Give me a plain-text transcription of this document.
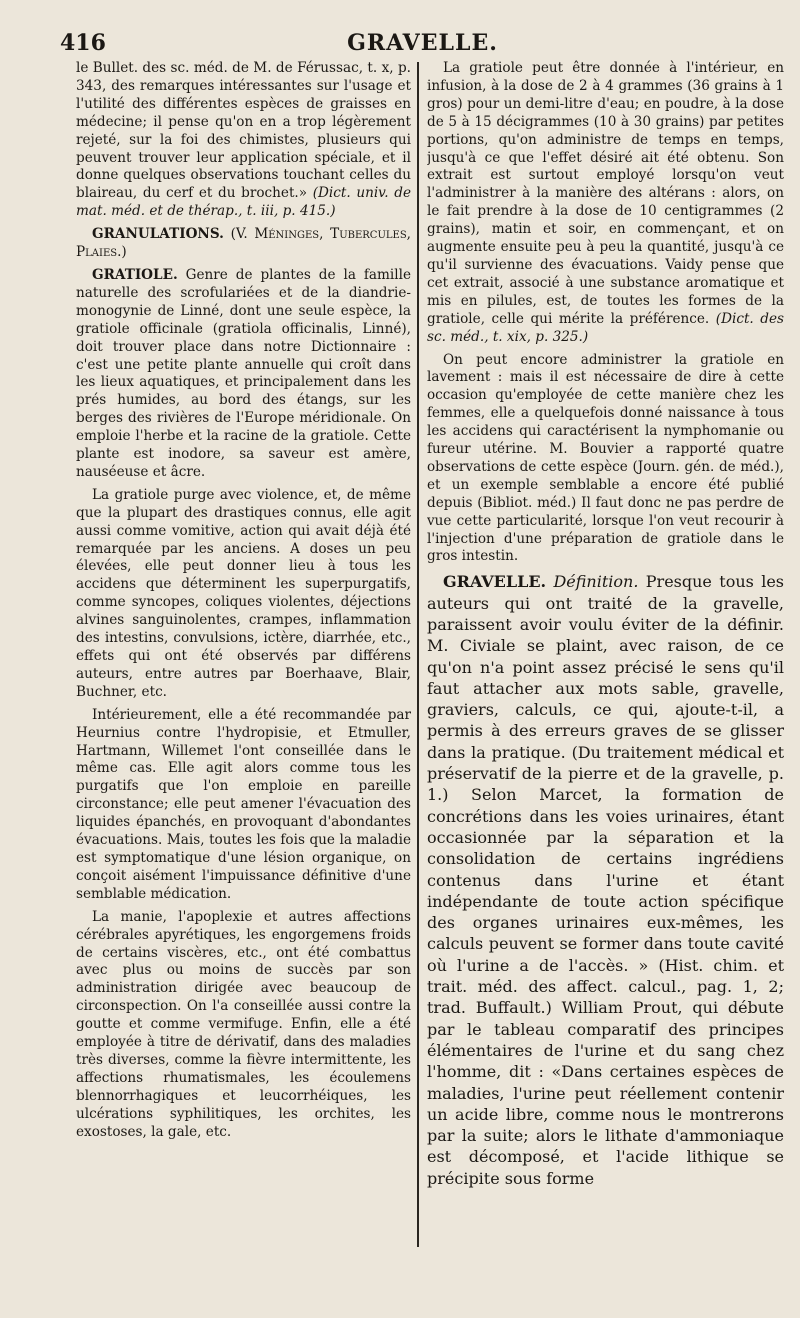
416	GRAVELLE.

le Bullet. des sc. méd. de M. de Férussac, t. x, p. 343, des remarques intéressantes sur l'usage et l'utilité des différentes espèces de graisses en médecine; il pense qu'on en a trop légèrement rejeté, sur la foi des chimistes, plusieurs qui peuvent trouver leur application spéciale, et il donne quelques observations touchant celles du blaireau, du cerf et du brochet.» (Dict. univ. de mat. méd. et de thérap., t. iii, p. 415.)

GRANULATIONS. (V. Méninges, Tubercules, Plaies.)

GRATIOLE. Genre de plantes de la famille naturelle des scrofulariées et de la diandrie-monogynie de Linné, dont une seule espèce, la gratiole officinale (gratiola officinalis, Linné), doit trouver place dans notre Dictionnaire : c'est une petite plante annuelle qui croît dans les lieux aquatiques, et principalement dans les prés humides, au bord des étangs, sur les berges des rivières de l'Europe méridionale. On emploie l'herbe et la racine de la gratiole. Cette plante est inodore, sa saveur est amère, nauséeuse et âcre.

La gratiole purge avec violence, et, de même que la plupart des drastiques connus, elle agit aussi comme vomitive, action qui avait déjà été remarquée par les anciens. A doses un peu élevées, elle peut donner lieu à tous les accidens que déterminent les superpurgatifs, comme syncopes, coliques violentes, déjections alvines sanguinolentes, crampes, inflammation des intestins, convulsions, ictère, diarrhée, etc., effets qui ont été observés par différens auteurs, entre autres par Boerhaave, Blair, Buchner, etc.

Intérieurement, elle a été recommandée par Heurnius contre l'hydropisie, et Etmuller, Hartmann, Willemet l'ont conseillée dans le même cas. Elle agit alors comme tous les purgatifs que l'on emploie en pareille circonstance; elle peut amener l'évacuation des liquides épanchés, en provoquant d'abondantes évacuations. Mais, toutes les fois que la maladie est symptomatique d'une lésion organique, on conçoit aisément l'impuissance définitive d'une semblable médication.

La manie, l'apoplexie et autres affections cérébrales apyrétiques, les engorgemens froids de certains viscères, etc., ont été combattus avec plus ou moins de succès par son administration dirigée avec beaucoup de circonspection. On l'a conseillée aussi contre la goutte et comme vermifuge. Enfin, elle a été employée à titre de dérivatif, dans des maladies très diverses, comme la fièvre intermittente, les affections rhumatismales, les écoulemens blennorrhagiques et leucorrhéiques, les ulcérations syphilitiques, les orchites, les exostoses, la gale, etc.

La gratiole peut être donnée à l'intérieur, en infusion, à la dose de 2 à 4 grammes (36 grains à 1 gros) pour un demi-litre d'eau; en poudre, à la dose de 5 à 15 décigrammes (10 à 30 grains) par petites portions, qu'on administre de temps en temps, jusqu'à ce que l'effet désiré ait été obtenu. Son extrait est surtout employé lorsqu'on veut l'administrer à la manière des altérans : alors, on le fait prendre à la dose de 10 centigrammes (2 grains), matin et soir, en commençant, et on augmente ensuite peu à peu la quantité, jusqu'à ce qu'il survienne des évacuations. Vaidy pense que cet extrait, associé à une substance aromatique et mis en pilules, est, de toutes les formes de la gratiole, celle qui mérite la préférence. (Dict. des sc. méd., t. xix, p. 325.)

On peut encore administrer la gratiole en lavement : mais il est nécessaire de dire à cette occasion qu'employée de cette manière chez les femmes, elle a quelquefois donné naissance à tous les accidens qui caractérisent la nymphomanie ou fureur utérine. M. Bouvier a rapporté quatre observations de cette espèce (Journ. gén. de méd.), et un exemple semblable a encore été publié depuis (Bibliot. méd.) Il faut donc ne pas perdre de vue cette particularité, lorsque l'on veut recourir à l'injection d'une préparation de gratiole dans le gros intestin.

GRAVELLE. Définition. Presque tous les auteurs qui ont traité de la gravelle, paraissent avoir voulu éviter de la définir. M. Civiale se plaint, avec raison, de ce qu'on n'a point assez précisé le sens qu'il faut attacher aux mots sable, gravelle, graviers, calculs, ce qui, ajoute-t-il, a permis à des erreurs graves de se glisser dans la pratique. (Du traitement médical et préservatif de la pierre et de la gravelle, p. 1.) Selon Marcet, la formation de concrétions dans les voies urinaires, étant occasionnée par la séparation et la consolidation de certains ingrédiens contenus dans l'urine et étant indépendante de toute action spécifique des organes urinaires eux-mêmes, les calculs peuvent se former dans toute cavité où l'urine a de l'accès. » (Hist. chim. et trait. méd. des affect. calcul., pag. 1, 2; trad. Buffault.) William Prout, qui débute par le tableau comparatif des principes élémentaires de l'urine et du sang chez l'homme, dit : «Dans certaines espèces de maladies, l'urine peut réellement contenir un acide libre, comme nous le montrerons par la suite; alors le lithate d'ammoniaque est décomposé, et l'acide lithique se précipite sous forme
